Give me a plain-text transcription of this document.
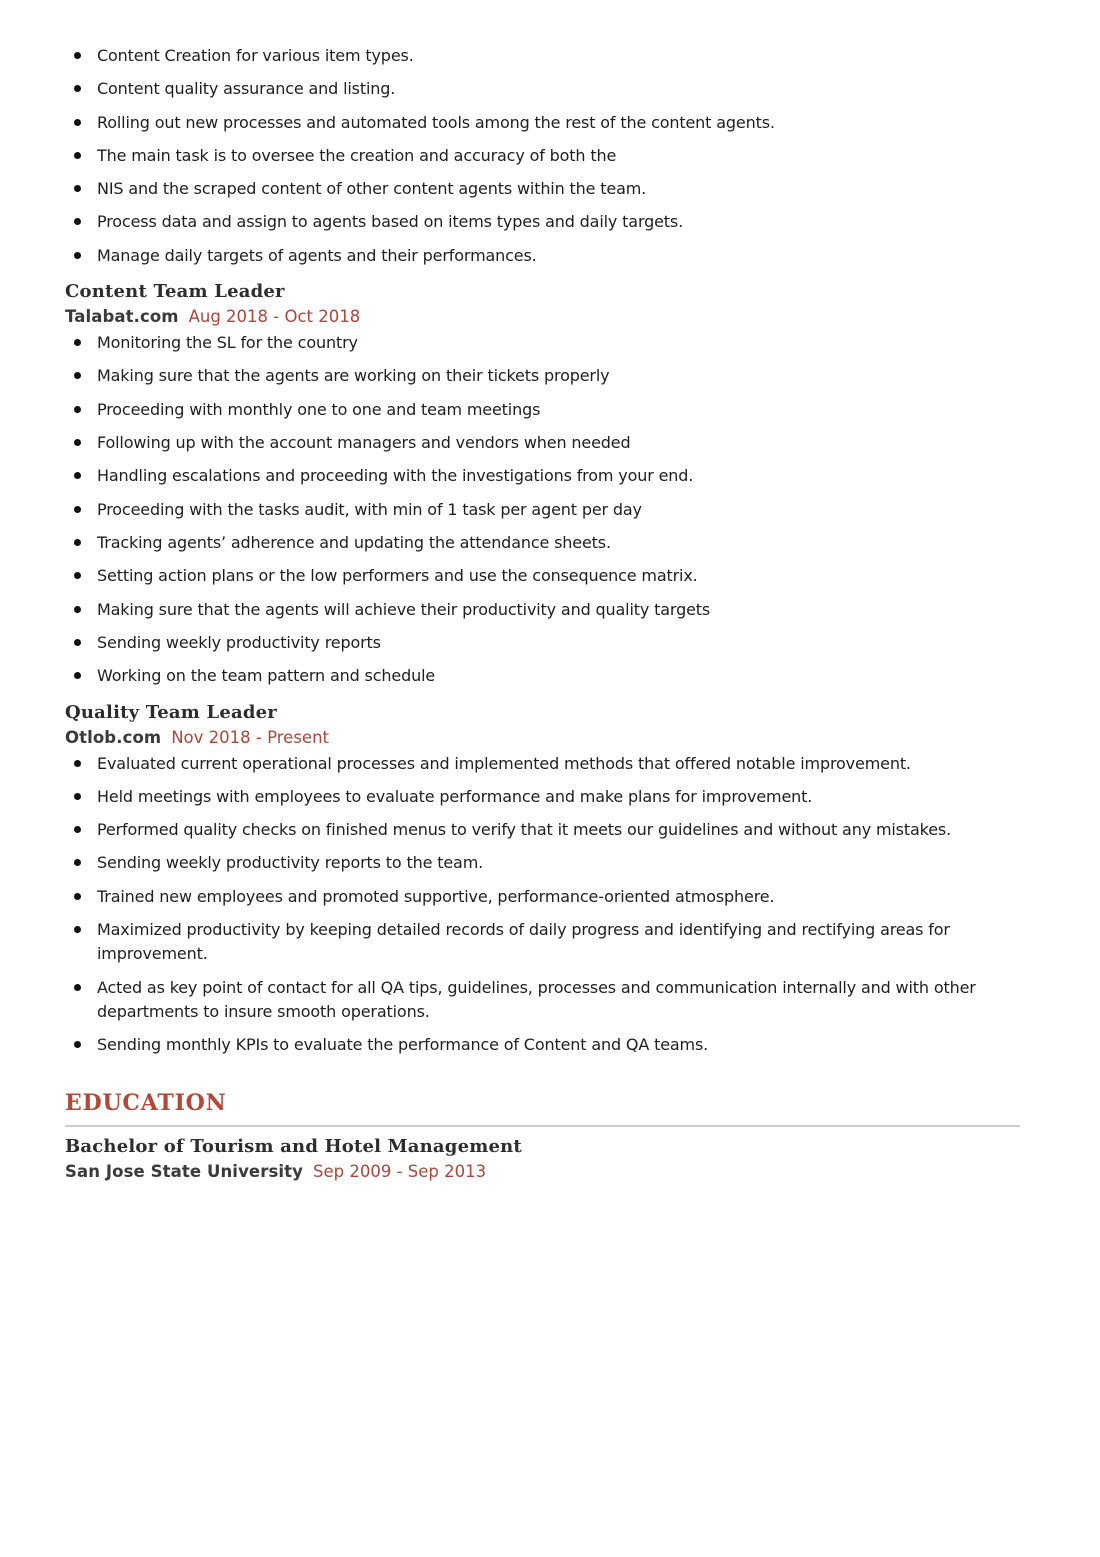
Content Creation for various item types.
Content quality assurance and listing.
Rolling out new processes and automated tools among the rest of the content agents.
The main task is to oversee the creation and accuracy of both the
NIS and the scraped content of other content agents within the team.
Process data and assign to agents based on items types and daily targets.
Manage daily targets of agents and their performances.
Content Team Leader
Talabat.com Aug 2018 - Oct 2018
Monitoring the SL for the country
Making sure that the agents are working on their tickets properly
Proceeding with monthly one to one and team meetings
Following up with the account managers and vendors when needed
Handling escalations and proceeding with the investigations from your end.
Proceeding with the tasks audit, with min of 1 task per agent per day
Tracking agents’ adherence and updating the attendance sheets.
Setting action plans or the low performers and use the consequence matrix.
Making sure that the agents will achieve their productivity and quality targets
Sending weekly productivity reports
Working on the team pattern and schedule
Quality Team Leader
Otlob.com Nov 2018 - Present
Evaluated current operational processes and implemented methods that offered notable improvement.
Held meetings with employees to evaluate performance and make plans for improvement.
Performed quality checks on finished menus to verify that it meets our guidelines and without any mistakes.
Sending weekly productivity reports to the team.
Trained new employees and promoted supportive, performance-oriented atmosphere.
Maximized productivity by keeping detailed records of daily progress and identifying and rectifying areas for improvement.
Acted as key point of contact for all QA tips, guidelines, processes and communication internally and with other departments to insure smooth operations.
Sending monthly KPIs to evaluate the performance of Content and QA teams.
EDUCATION
Bachelor of Tourism and Hotel Management
San Jose State University Sep 2009 - Sep 2013
